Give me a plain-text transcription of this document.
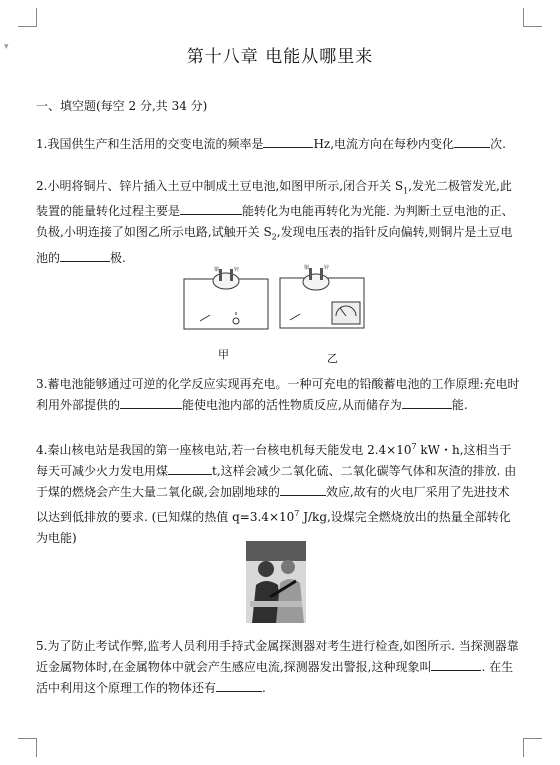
▾	第十八章 电能从哪里来
一、填空题(每空 2 分,共 34 分)
1.我国供生产和生活用的交变电流的频率是	Hz,电流方向在每秒内变化	次.
2.小明将铜片、锌片插入土豆中制成土豆电池,如图甲所示,闭合开关 $S_1$,发光二极管发光,此装置的能量转化过程主要是	能转化为电能再转化为光能. 为判断土豆电池的正、负极,小明连接了如图乙所示电路,试触开关 $S_2$,发现电压表的指针反向偏转,则铜片是土豆电池的	极.
铜	锌
甲
铜	锌
乙
3.蓄电池能够通过可逆的化学反应实现再充电。一种可充电的铅酸蓄电池的工作原理:充电时利用外部提供的	能使电池内部的活性物质反应,从而储存为	能.
4.秦山核电站是我国的第一座核电站,若一台核电机每天能发电 $2.4\times 10^7$ kW・h,这相当于每天可减少火力发电用煤	t,这样会减少二氧化硫、二氧化碳等气体和灰渣的排放. 由于煤的燃烧会产生大量二氧化碳,会加剧地球的	效应,故有的火电厂采用了先进技术以达到低排放的要求. (已知煤的热值 $q=3.4\times 10^7$ J/kg,设煤完全燃烧放出的热量全部转化为电能)
5.为了防止考试作弊,监考人员利用手持式金属探测器对考生进行检查,如图所示. 当探测器靠近金属物体时,在金属物体中就会产生感应电流,探测器发出警报,这种现象叫	. 在生活中利用这个原理工作的物体还有	.
